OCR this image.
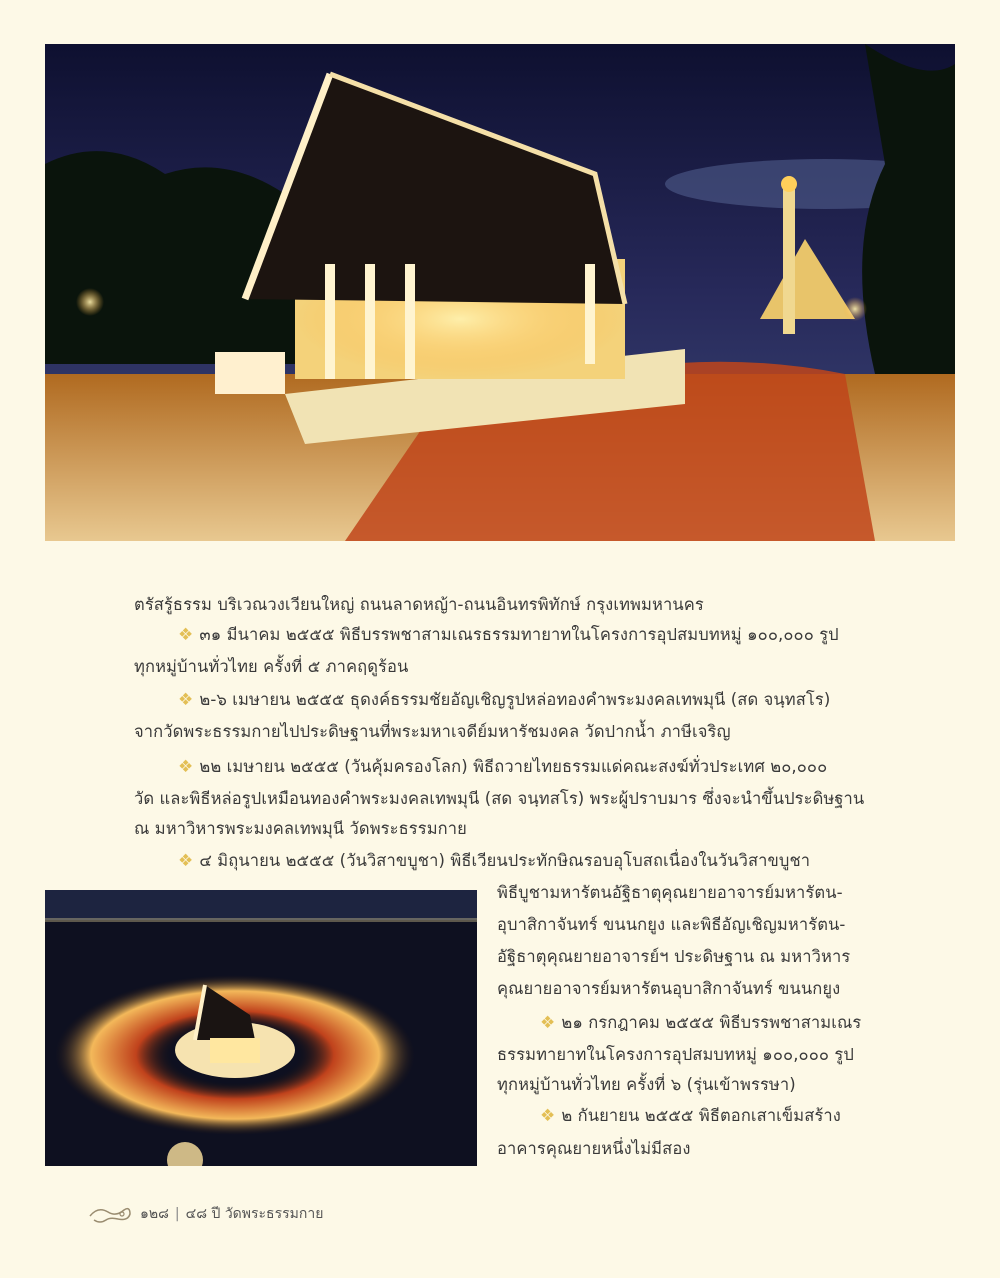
ตรัสรู้ธรรม บริเวณวงเวียนใหญ่ ถนนลาดหญ้า-ถนนอินทรพิทักษ์ กรุงเทพมหานคร
❖ ๓๑ มีนาคม ๒๕๕๕ พิธีบรรพชาสามเณรธรรมทายาทในโครงการอุปสมบทหมู่ ๑๐๐,๐๐๐ รูป
ทุกหมู่บ้านทั่วไทย ครั้งที่ ๕ ภาคฤดูร้อน
❖ ๒-๖ เมษายน ๒๕๕๕ ธุดงค์ธรรมชัยอัญเชิญรูปหล่อทองคำพระมงคลเทพมุนี (สด จนฺทสโร)
จากวัดพระธรรมกายไปประดิษฐานที่พระมหาเจดีย์มหารัชมงคล วัดปากน้ำ ภาษีเจริญ
❖ ๒๒ เมษายน ๒๕๕๕ (วันคุ้มครองโลก) พิธีถวายไทยธรรมแด่คณะสงฆ์ทั่วประเทศ ๒๐,๐๐๐
วัด และพิธีหล่อรูปเหมือนทองคำพระมงคลเทพมุนี (สด จนฺทสโร) พระผู้ปราบมาร ซึ่งจะนำขึ้นประดิษฐาน
ณ มหาวิหารพระมงคลเทพมุนี วัดพระธรรมกาย
❖ ๔ มิถุนายน ๒๕๕๕ (วันวิสาขบูชา) พิธีเวียนประทักษิณรอบอุโบสถเนื่องในวันวิสาขบูชา
พิธีบูชามหารัตนอัฐิธาตุคุณยายอาจารย์มหารัตน-
อุบาสิกาจันทร์ ขนนกยูง และพิธีอัญเชิญมหารัตน-
อัฐิธาตุคุณยายอาจารย์ฯ ประดิษฐาน ณ มหาวิหาร
คุณยายอาจารย์มหารัตนอุบาสิกาจันทร์ ขนนกยูง
❖ ๒๑ กรกฎาคม ๒๕๕๕ พิธีบรรพชาสามเณร
ธรรมทายาทในโครงการอุปสมบทหมู่ ๑๐๐,๐๐๐ รูป
ทุกหมู่บ้านทั่วไทย ครั้งที่ ๖ (รุ่นเข้าพรรษา)
❖ ๒ กันยายน ๒๕๕๕ พิธีตอกเสาเข็มสร้าง
อาคารคุณยายหนึ่งไม่มีสอง
๑๒๘ | ๔๘ ปี วัดพระธรรมกาย
